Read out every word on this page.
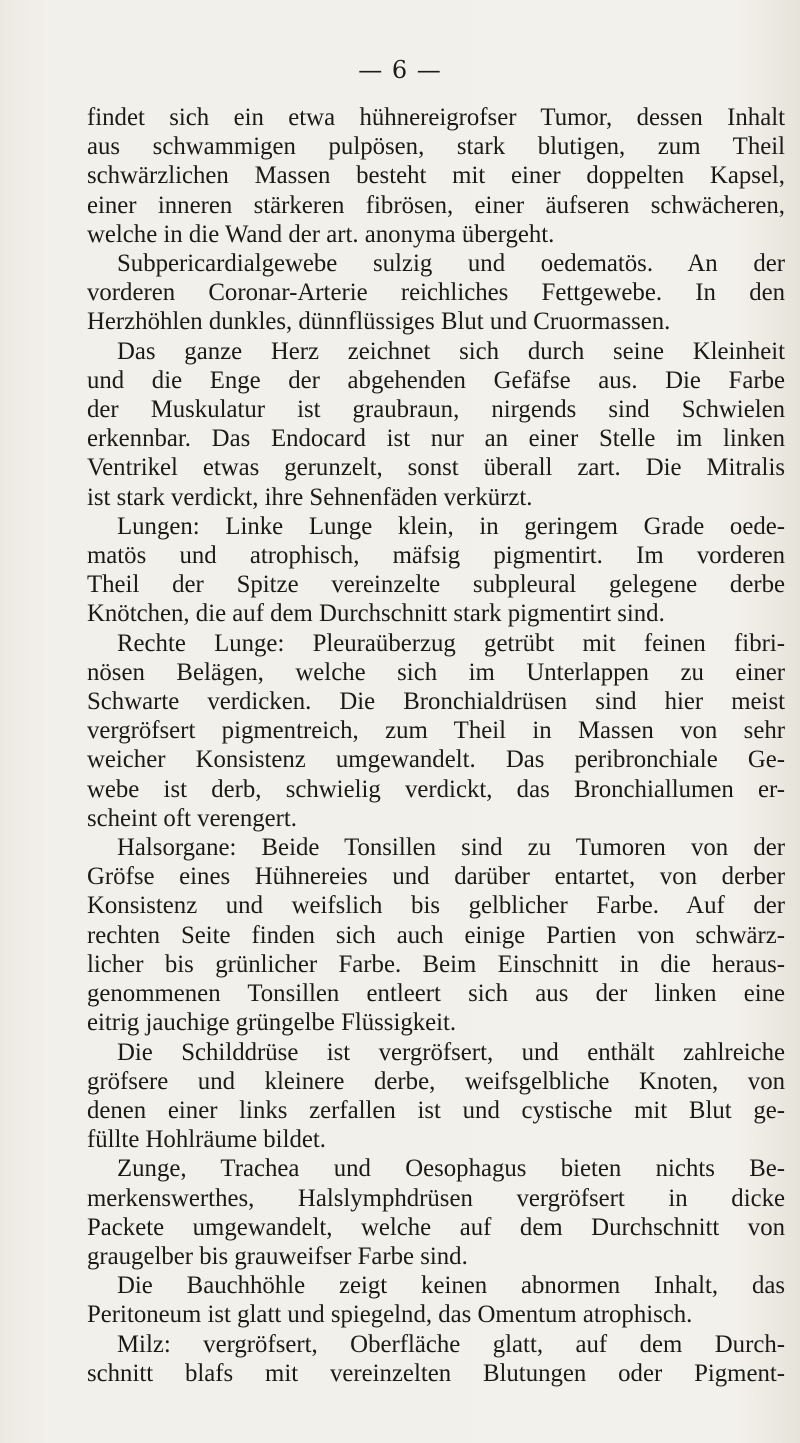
— 6 —
findet sich ein etwa hühnereigrofser Tumor, dessen Inhalt
aus schwammigen pulpösen, stark blutigen, zum Theil
schwärzlichen Massen besteht mit einer doppelten Kapsel,
einer inneren stärkeren fibrösen, einer äufseren schwächeren,
welche in die Wand der art. anonyma übergeht.
Subpericardialgewebe sulzig und oedematös. An der
vorderen Coronar-Arterie reichliches Fettgewebe. In den
Herzhöhlen dunkles, dünnflüssiges Blut und Cruormassen.
Das ganze Herz zeichnet sich durch seine Kleinheit
und die Enge der abgehenden Gefäfse aus. Die Farbe
der Muskulatur ist graubraun, nirgends sind Schwielen
erkennbar. Das Endocard ist nur an einer Stelle im linken
Ventrikel etwas gerunzelt, sonst überall zart. Die Mitralis
ist stark verdickt, ihre Sehnenfäden verkürzt.
Lungen: Linke Lunge klein, in geringem Grade oede-
matös und atrophisch, mäfsig pigmentirt. Im vorderen
Theil der Spitze vereinzelte subpleural gelegene derbe
Knötchen, die auf dem Durchschnitt stark pigmentirt sind.
Rechte Lunge: Pleuraüberzug getrübt mit feinen fibri-
nösen Belägen, welche sich im Unterlappen zu einer
Schwarte verdicken. Die Bronchialdrüsen sind hier meist
vergröfsert pigmentreich, zum Theil in Massen von sehr
weicher Konsistenz umgewandelt. Das peribronchiale Ge-
webe ist derb, schwielig verdickt, das Bronchiallumen er-
scheint oft verengert.
Halsorgane: Beide Tonsillen sind zu Tumoren von der
Gröfse eines Hühnereies und darüber entartet, von derber
Konsistenz und weifslich bis gelblicher Farbe. Auf der
rechten Seite finden sich auch einige Partien von schwärz-
licher bis grünlicher Farbe. Beim Einschnitt in die heraus-
genommenen Tonsillen entleert sich aus der linken eine
eitrig jauchige grüngelbe Flüssigkeit.
Die Schilddrüse ist vergröfsert, und enthält zahlreiche
gröfsere und kleinere derbe, weifsgelbliche Knoten, von
denen einer links zerfallen ist und cystische mit Blut ge-
füllte Hohlräume bildet.
Zunge, Trachea und Oesophagus bieten nichts Be-
merkenswerthes, Halslymphdrüsen vergröfsert in dicke
Packete umgewandelt, welche auf dem Durchschnitt von
graugelber bis grauweifser Farbe sind.
Die Bauchhöhle zeigt keinen abnormen Inhalt, das
Peritoneum ist glatt und spiegelnd, das Omentum atrophisch.
Milz: vergröfsert, Oberfläche glatt, auf dem Durch-
schnitt blafs mit vereinzelten Blutungen oder Pigment-
